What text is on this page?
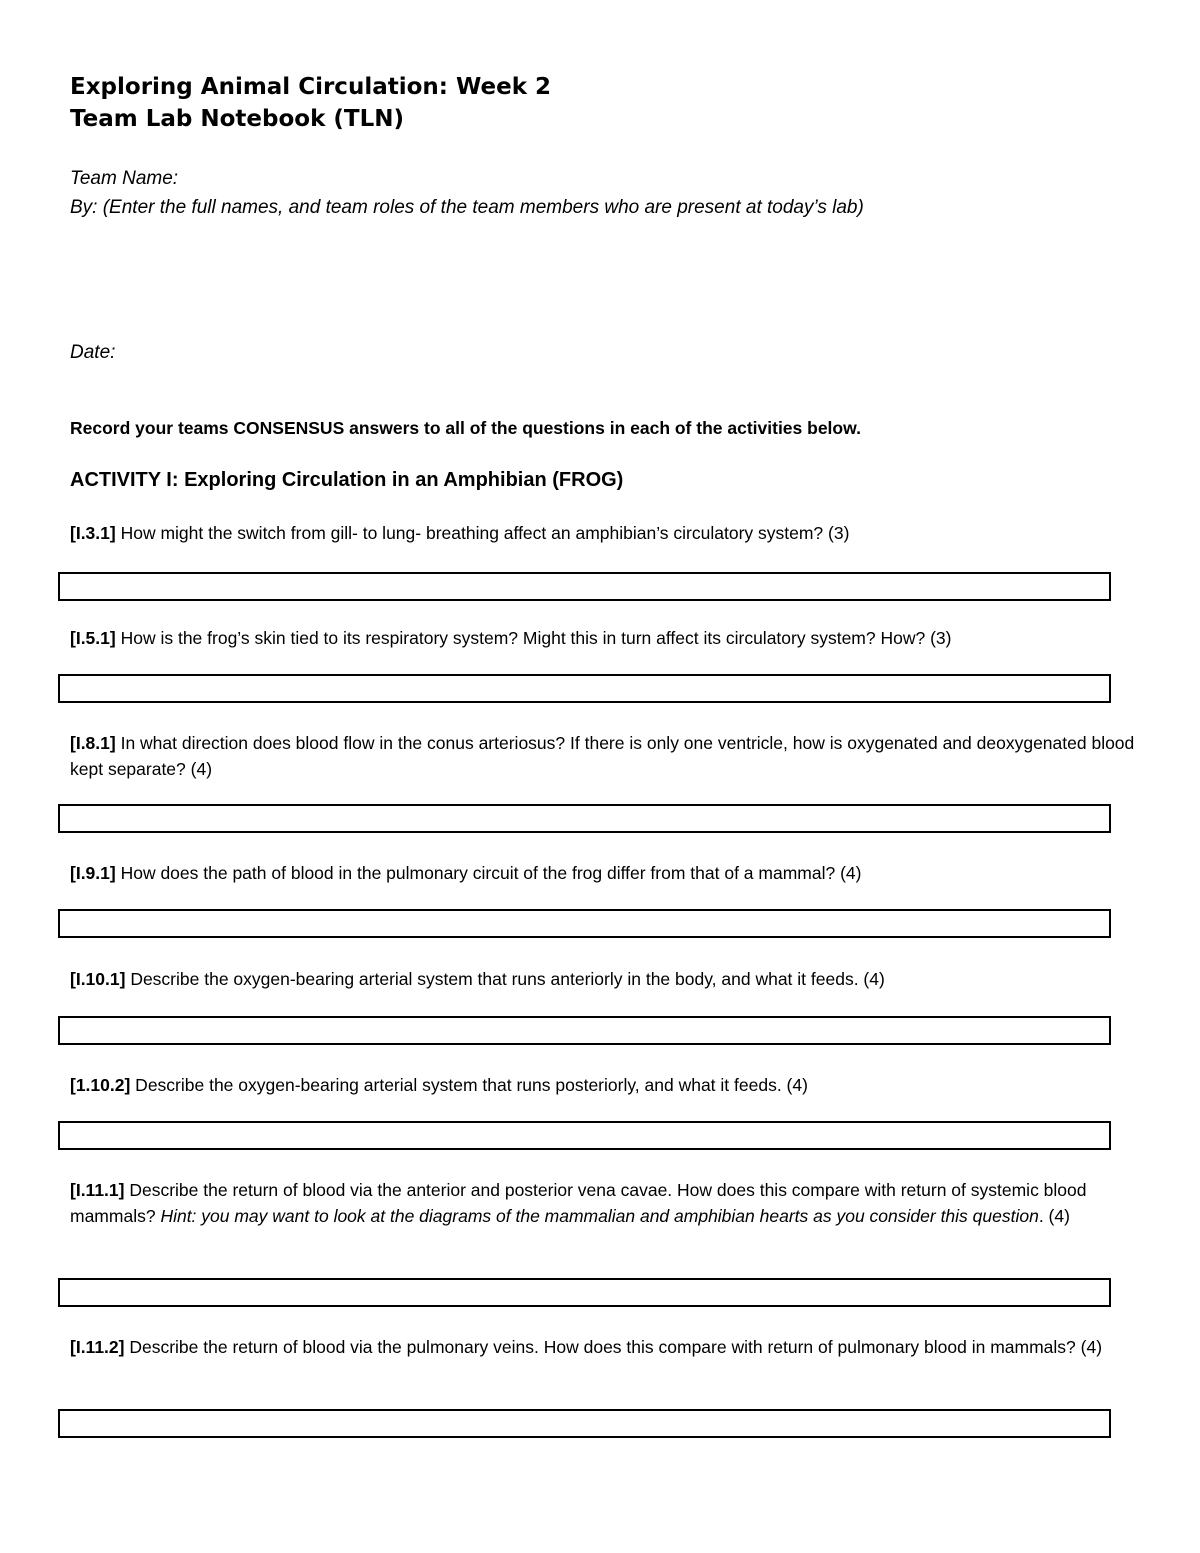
Exploring Animal Circulation: Week 2
Team Lab Notebook (TLN)
Team Name:
By: (Enter the full names, and team roles of the team members who are present at today’s lab)
Date:
Record your teams CONSENSUS answers to all of the questions in each of the activities below.
ACTIVITY I: Exploring Circulation in an Amphibian (FROG)
[I.3.1] How might the switch from gill- to lung- breathing affect an amphibian’s circulatory system? (3)
[I.5.1] How is the frog’s skin tied to its respiratory system? Might this in turn affect its circulatory system? How? (3)
[I.8.1] In what direction does blood flow in the conus arteriosus? If there is only one ventricle, how is oxygenated and deoxygenated blood kept separate? (4)
[I.9.1] How does the path of blood in the pulmonary circuit of the frog differ from that of a mammal? (4)
[I.10.1] Describe the oxygen-bearing arterial system that runs anteriorly in the body, and what it feeds. (4)
[1.10.2] Describe the oxygen-bearing arterial system that runs posteriorly, and what it feeds. (4)
[I.11.1] Describe the return of blood via the anterior and posterior vena cavae. How does this compare with return of systemic blood mammals? Hint: you may want to look at the diagrams of the mammalian and amphibian hearts as you consider this question. (4)
[I.11.2] Describe the return of blood via the pulmonary veins. How does this compare with return of pulmonary blood in mammals? (4)
